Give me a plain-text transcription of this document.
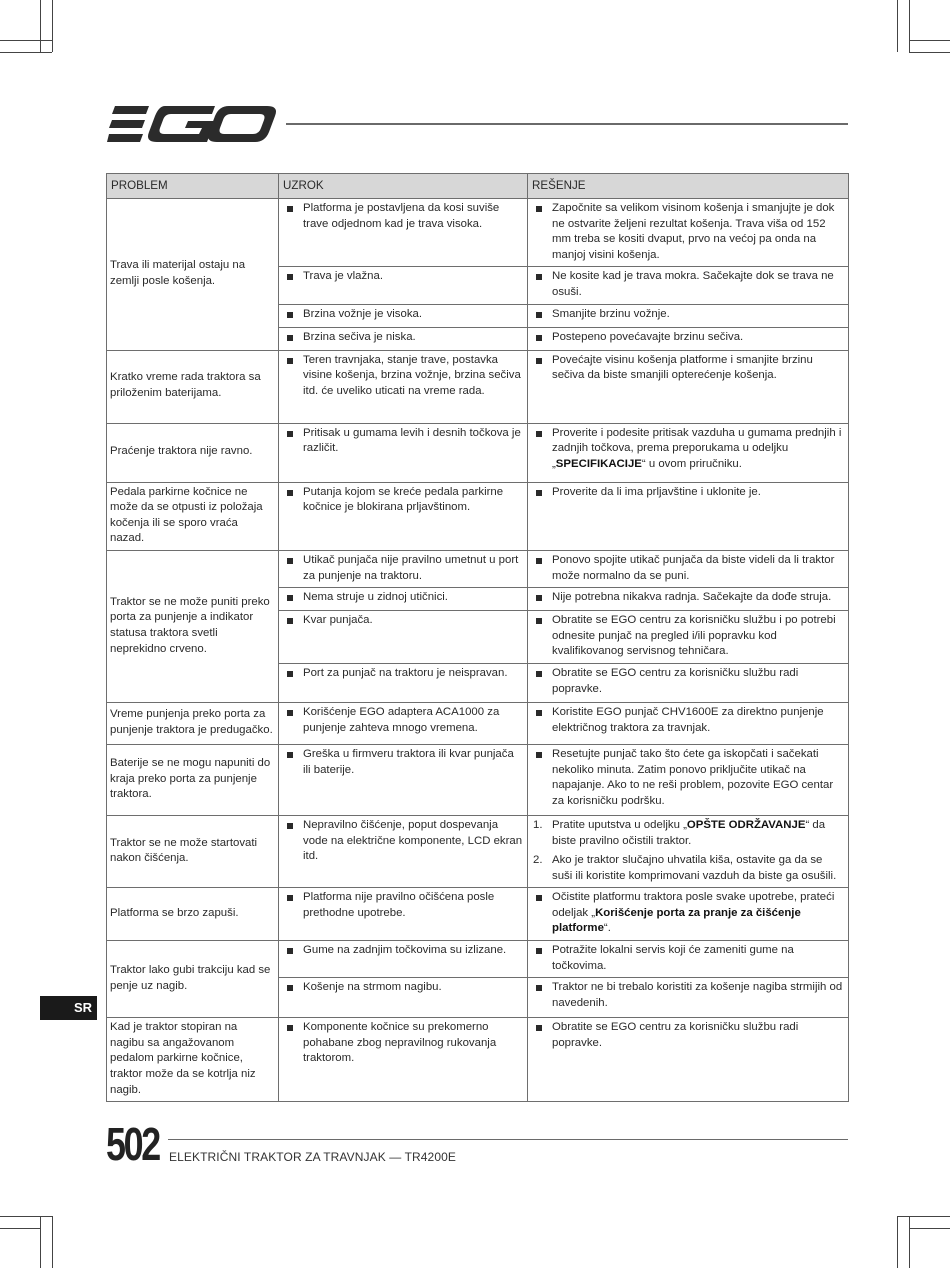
PROBLEM	UZROK	REŠENJE
Trava ili materijal ostaju na zemlji posle košenja.	Platforma je postavljena da kosi suviše trave odjednom kad je trava visoka.	Započnite sa velikom visinom košenja i smanjujte je dok ne ostvarite željeni rezultat košenja. Trava viša od 152 mm treba se kositi dvaput, prvo na većoj pa onda na manjoj visini košenja.

	Trava je vlažna.	Ne kosite kad je trava mokra. Sačekajte dok se trava ne osuši.

	Brzina vožnje je visoka.	Smanjite brzinu vožnje.

	Brzina sečiva je niska.	Postepeno povećavajte brzinu sečiva.

Kratko vreme rada traktora sa priloženim baterijama.	Teren travnjaka, stanje trave, postavka visine košenja, brzina vožnje, brzina sečiva itd. će uveliko uticati na vreme rada.	Povećajte visinu košenja platforme i smanjite brzinu sečiva da biste smanjili opterećenje košenja.

Praćenje traktora nije ravno.	Pritisak u gumama levih i desnih točkova je različit.	Proverite i podesite pritisak vazduha u gumama prednjih i zadnjih točkova, prema preporukama u odeljku „SPECIFIKACIJE“ u ovom priručniku.

Pedala parkirne kočnice ne može da se otpusti iz položaja kočenja ili se sporo vraća nazad.	Putanja kojom se kreće pedala parkirne kočnice je blokirana prljavštinom.	Proverite da li ima prljavštine i uklonite je.

Traktor se ne može puniti preko porta za punjenje a indikator statusa traktora svetli neprekidno crveno.	Utikač punjača nije pravilno umetnut u port za punjenje na traktoru.	Ponovo spojite utikač punjača da biste videli da li traktor može normalno da se puni.

	Nema struje u zidnoj utičnici.	Nije potrebna nikakva radnja. Sačekajte da dođe struja.

	Kvar punjača.	Obratite se EGO centru za korisničku službu i po potrebi odnesite punjač na pregled i/ili popravku kod kvalifikovanog servisnog tehničara.

	Port za punjač na traktoru je neispravan.	Obratite se EGO centru za korisničku službu radi popravke.

Vreme punjenja preko porta za punjenje traktora je predugačko.	Korišćenje EGO adaptera ACA1000 za punjenje zahteva mnogo vremena.	Koristite EGO punjač CHV1600E za direktno punjenje električnog traktora za travnjak.

Baterije se ne mogu napuniti do kraja preko porta za punjenje traktora.	Greška u firmveru traktora ili kvar punjača ili baterije.	Resetujte punjač tako što ćete ga iskopčati i sačekati nekoliko minuta. Zatim ponovo priključite utikač na napajanje. Ako to ne reši problem, pozovite EGO centar za korisničku podršku.

Traktor se ne može startovati nakon čišćenja.	Nepravilno čišćenje, poput dospevanja vode na električne komponente, LCD ekran itd.	1. Pratite uputstva u odeljku „OPŠTE ODRŽAVANJE“ da biste pravilno očistili traktor.
2. Ako je traktor slučajno uhvatila kiša, ostavite ga da se suši ili koristite komprimovani vazduh da biste ga osušili.

Platforma se brzo zapuši.	Platforma nije pravilno očišćena posle prethodne upotrebe.	Očistite platformu traktora posle svake upotrebe, prateći odeljak „Korišćenje porta za pranje za čišćenje platforme“.

Traktor lako gubi trakciju kad se penje uz nagib.	Gume na zadnjim točkovima su izlizane.	Potražite lokalni servis koji će zameniti gume na točkovima.

	Košenje na strmom nagibu.	Traktor ne bi trebalo koristiti za košenje nagiba strmijih od navedenih.

Kad je traktor stopiran na nagibu sa angažovanom pedalom parkirne kočnice, traktor može da se kotrlja niz nagib.	Komponente kočnice su prekomerno pohabane zbog nepravilnog rukovanja traktorom.	Obratite se EGO centru za korisničku službu radi popravke.
SR
502 ELEKTRIČNI TRAKTOR ZA TRAVNJAK — TR4200E
